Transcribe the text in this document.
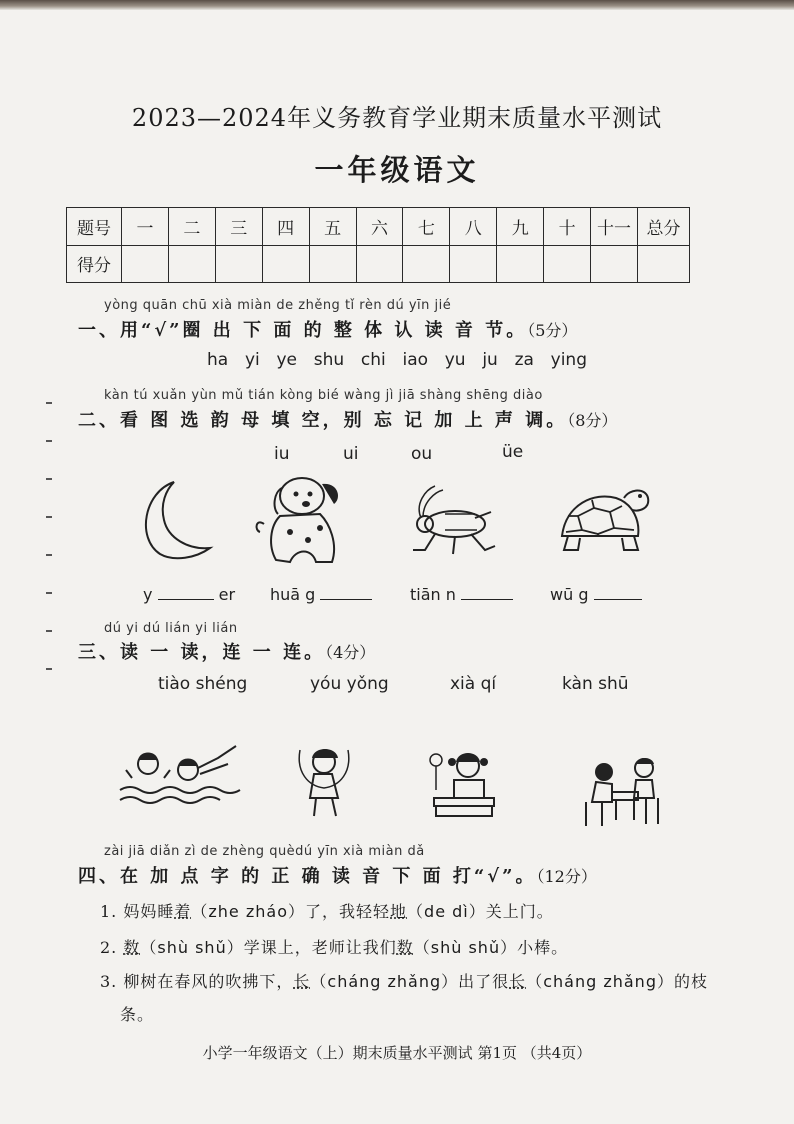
2023—2024年义务教育学业期末质量水平测试
一年级语文
题号	一	二	三	四	五	六	七	八	九	十	十一	总分
得分												
yòng quān chū xià miàn de zhěng tǐ rèn dú yīn jié
一、用“√”圈 出 下 面 的 整 体 认 读 音 节。（5分）
ha yi ye shu chi iao yu ju za ying
kàn tú xuǎn yùn mǔ tián kòng bié wàng jì jiā shàng shēng diào
二、看 图 选 韵 母 填 空，别 忘 记 加 上 声 调。（8分）
iu	ui	ou	üe
y	er huā g	tiān n	wū g
dú yi dú lián yi lián
三、读 一 读，连 一 连。（4分）
tiào shéng	yóu yǒng	xià qí	kàn shū
zài jiā diǎn zì de zhèng quèdú yīn xià miàn dǎ
四、在 加 点 字 的 正 确 读 音 下 面 打“√”。（12分）
1. 妈妈睡着（zhe zháo）了，我轻轻地（de dì）关上门。
2. 数（shù shǔ）学课上，老师让我们数（shù shǔ）小棒。
3. 柳树在春风的吹拂下，长（cháng zhǎng）出了很长（cháng zhǎng）的枝
条。
小学一年级语文（上）期末质量水平测试 第1页 （共4页）
